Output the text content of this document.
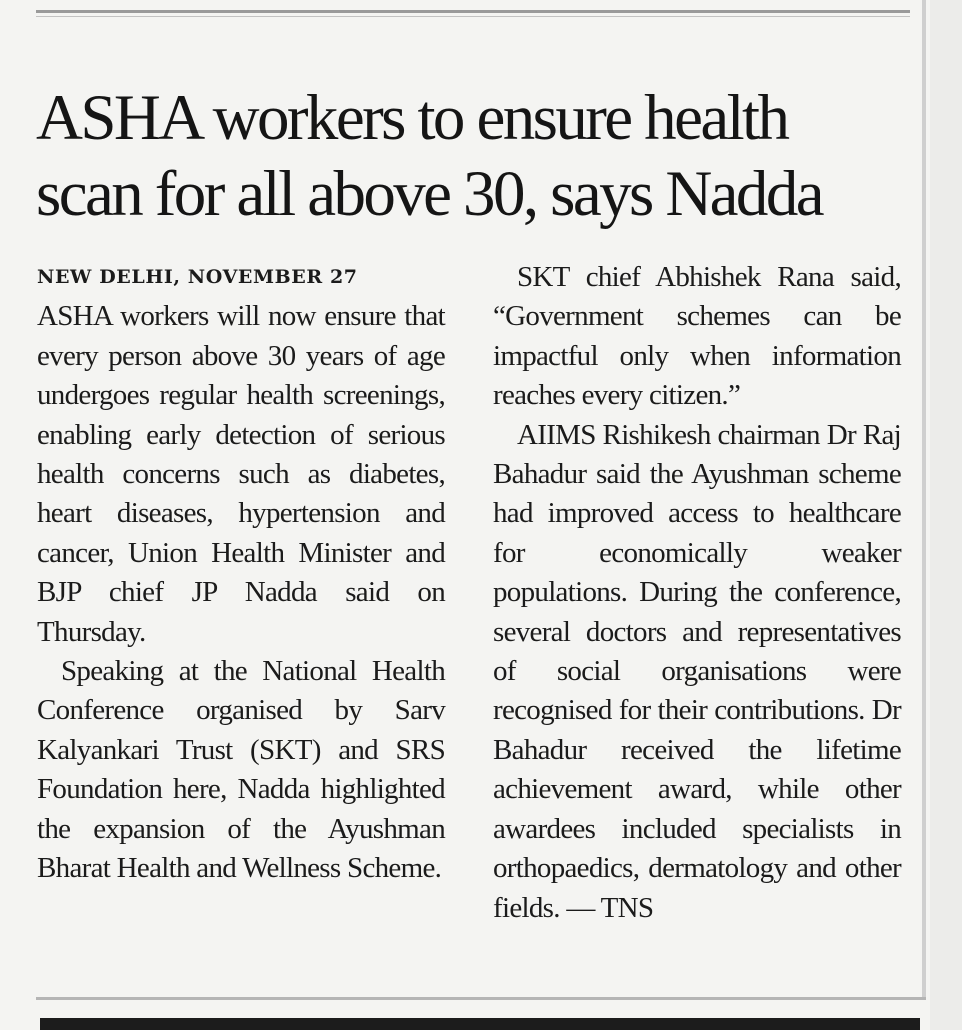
ASHA workers to ensure health
scan for all above 30, says Nadda
NEW DELHI, NOVEMBER 27

ASHA workers will now ensure that every person above 30 years of age undergoes regular health screenings, enabling early detection of serious health concerns such as diabetes, heart diseases, hypertension and cancer, Union Health Minister and BJP chief JP Nadda said on Thursday.

Speaking at the National Health Conference organised by Sarv Kalyankari Trust (SKT) and SRS Foundation here, Nadda highlighted the expansion of the Ayushman Bharat Health and Wellness Scheme.

SKT chief Abhishek Rana said, “Government schemes can be impactful only when information reaches every citizen.”

AIIMS Rishikesh chairman Dr Raj Bahadur said the Ayushman scheme had improved access to healthcare for economically weaker populations. During the conference, several doctors and representatives of social organisations were recognised for their contributions. Dr Bahadur received the lifetime achievement award, while other awardees included specialists in orthopaedics, dermatology and other fields. — TNS
